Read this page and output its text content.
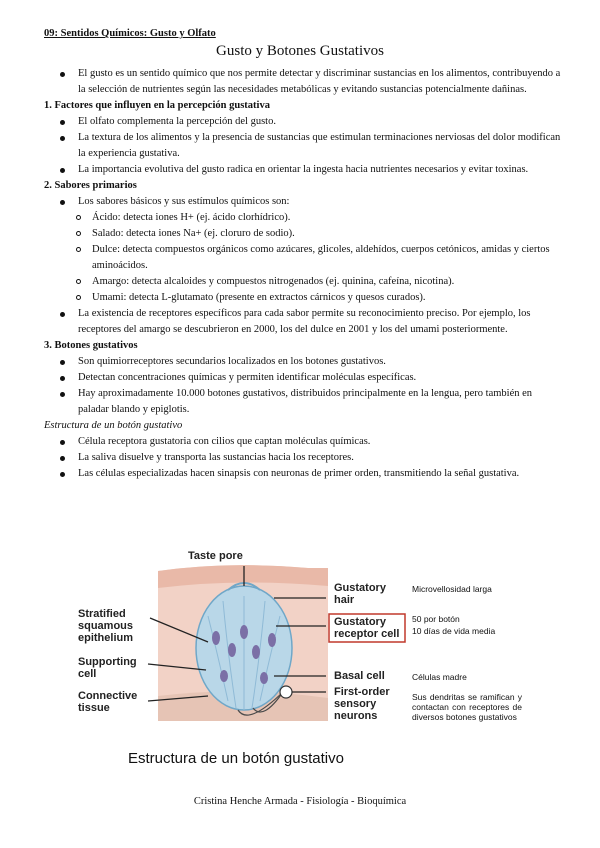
09: Sentidos Químicos: Gusto y Olfato
Gusto y Botones Gustativos
El gusto es un sentido químico que nos permite detectar y discriminar sustancias en los alimentos, contribuyendo a la selección de nutrientes según las necesidades metabólicas y evitando sustancias potencialmente dañinas.

1. Factores que influyen en la percepción gustativa

El olfato complementa la percepción del gusto.
La textura de los alimentos y la presencia de sustancias que estimulan terminaciones nerviosas del dolor modifican la experiencia gustativa.
La importancia evolutiva del gusto radica en orientar la ingesta hacia nutrientes necesarios y evitar toxinas.

2. Sabores primarios

Los sabores básicos y sus estímulos químicos son:
Ácido: detecta iones H+ (ej. ácido clorhídrico).
Salado: detecta iones Na+ (ej. cloruro de sodio).
Dulce: detecta compuestos orgánicos como azúcares, glicoles, aldehídos, cuerpos cetónicos, amidas y ciertos aminoácidos.
Amargo: detecta alcaloides y compuestos nitrogenados (ej. quinina, cafeína, nicotina).
Umami: detecta L-glutamato (presente en extractos cárnicos y quesos curados).
La existencia de receptores específicos para cada sabor permite su reconocimiento preciso. Por ejemplo, los receptores del amargo se descubrieron en 2000, los del dulce en 2001 y los del umami posteriormente.

3. Botones gustativos

Son quimiorreceptores secundarios localizados en los botones gustativos.
Detectan concentraciones químicas y permiten identificar moléculas específicas.
Hay aproximadamente 10.000 botones gustativos, distribuidos principalmente en la lengua, pero también en paladar blando y epiglotis.

Estructura de un botón gustativo

Célula receptora gustatoria con cilios que captan moléculas químicas.
La saliva disuelve y transporta las sustancias hacia los receptores.
Las células especializadas hacen sinapsis con neuronas de primer orden, transmitiendo la señal gustativa.
Taste pore
Stratified squamous epithelium
Supporting cell
Connective tissue
Gustatory hair
Gustatory receptor cell
Basal cell
First-order sensory neurons
Microvellosidad larga
50 por botón
10 días de vida media
Células madre
Sus dendritas se ramifican y contactan con receptores de diversos botones gustativos
Estructura de un botón gustativo
Cristina Henche Armada - Fisiología - Bioquímica
